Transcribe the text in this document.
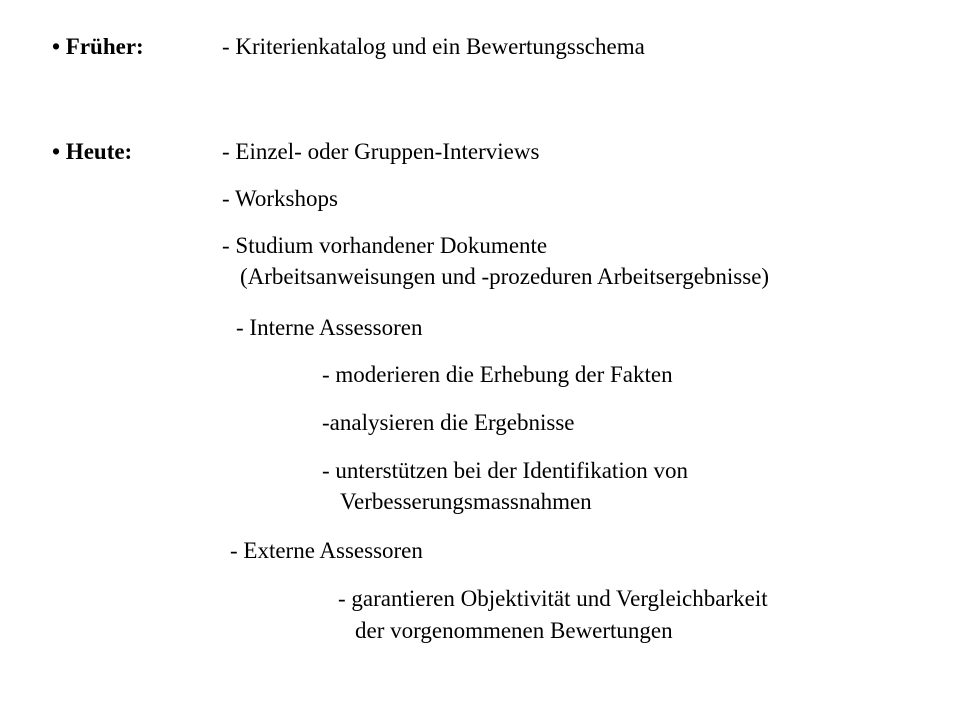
• Früher:	- Kriterienkatalog und ein Bewertungsschema
• Heute:	- Einzel- oder Gruppen-Interviews
- Workshops
- Studium vorhandener Dokumente
(Arbeitsanweisungen und -prozeduren Arbeitsergebnisse)
- Interne Assessoren
- moderieren die Erhebung der Fakten
-analysieren die Ergebnisse
- unterstützen bei der Identifikation von
Verbesserungsmassnahmen
- Externe Assessoren
- garantieren Objektivität und Vergleichbarkeit
der vorgenommenen Bewertungen
